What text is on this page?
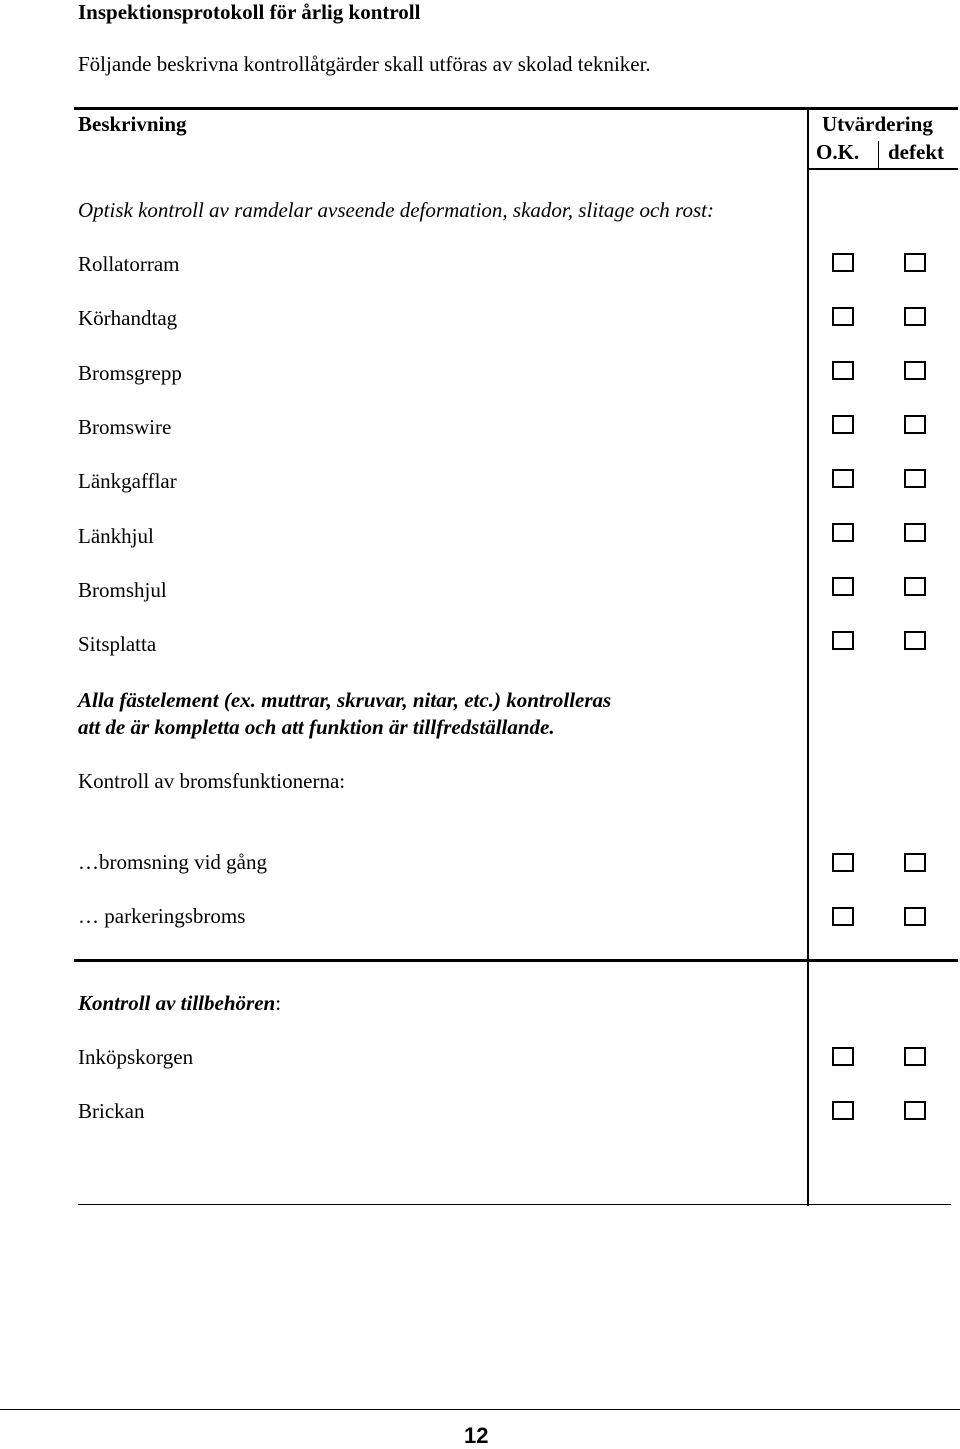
Inspektionsprotokoll för årlig kontroll
Följande beskrivna kontrollåtgärder skall utföras av skolad tekniker.
Beskrivning	Utvärdering
O.K. defekt
Optisk kontroll av ramdelar avseende deformation, skador, slitage och rost:
Rollatorram
Körhandtag
Bromsgrepp
Bromswire
Länkgafflar
Länkhjul
Bromshjul
Sitsplatta
Alla fästelement (ex. muttrar, skruvar, nitar, etc.) kontrolleras
att de är kompletta och att funktion är tillfredställande.
Kontroll av bromsfunktionerna:
…bromsning vid gång
… parkeringsbroms
Kontroll av tillbehören:
Inköpskorgen
Brickan
12
